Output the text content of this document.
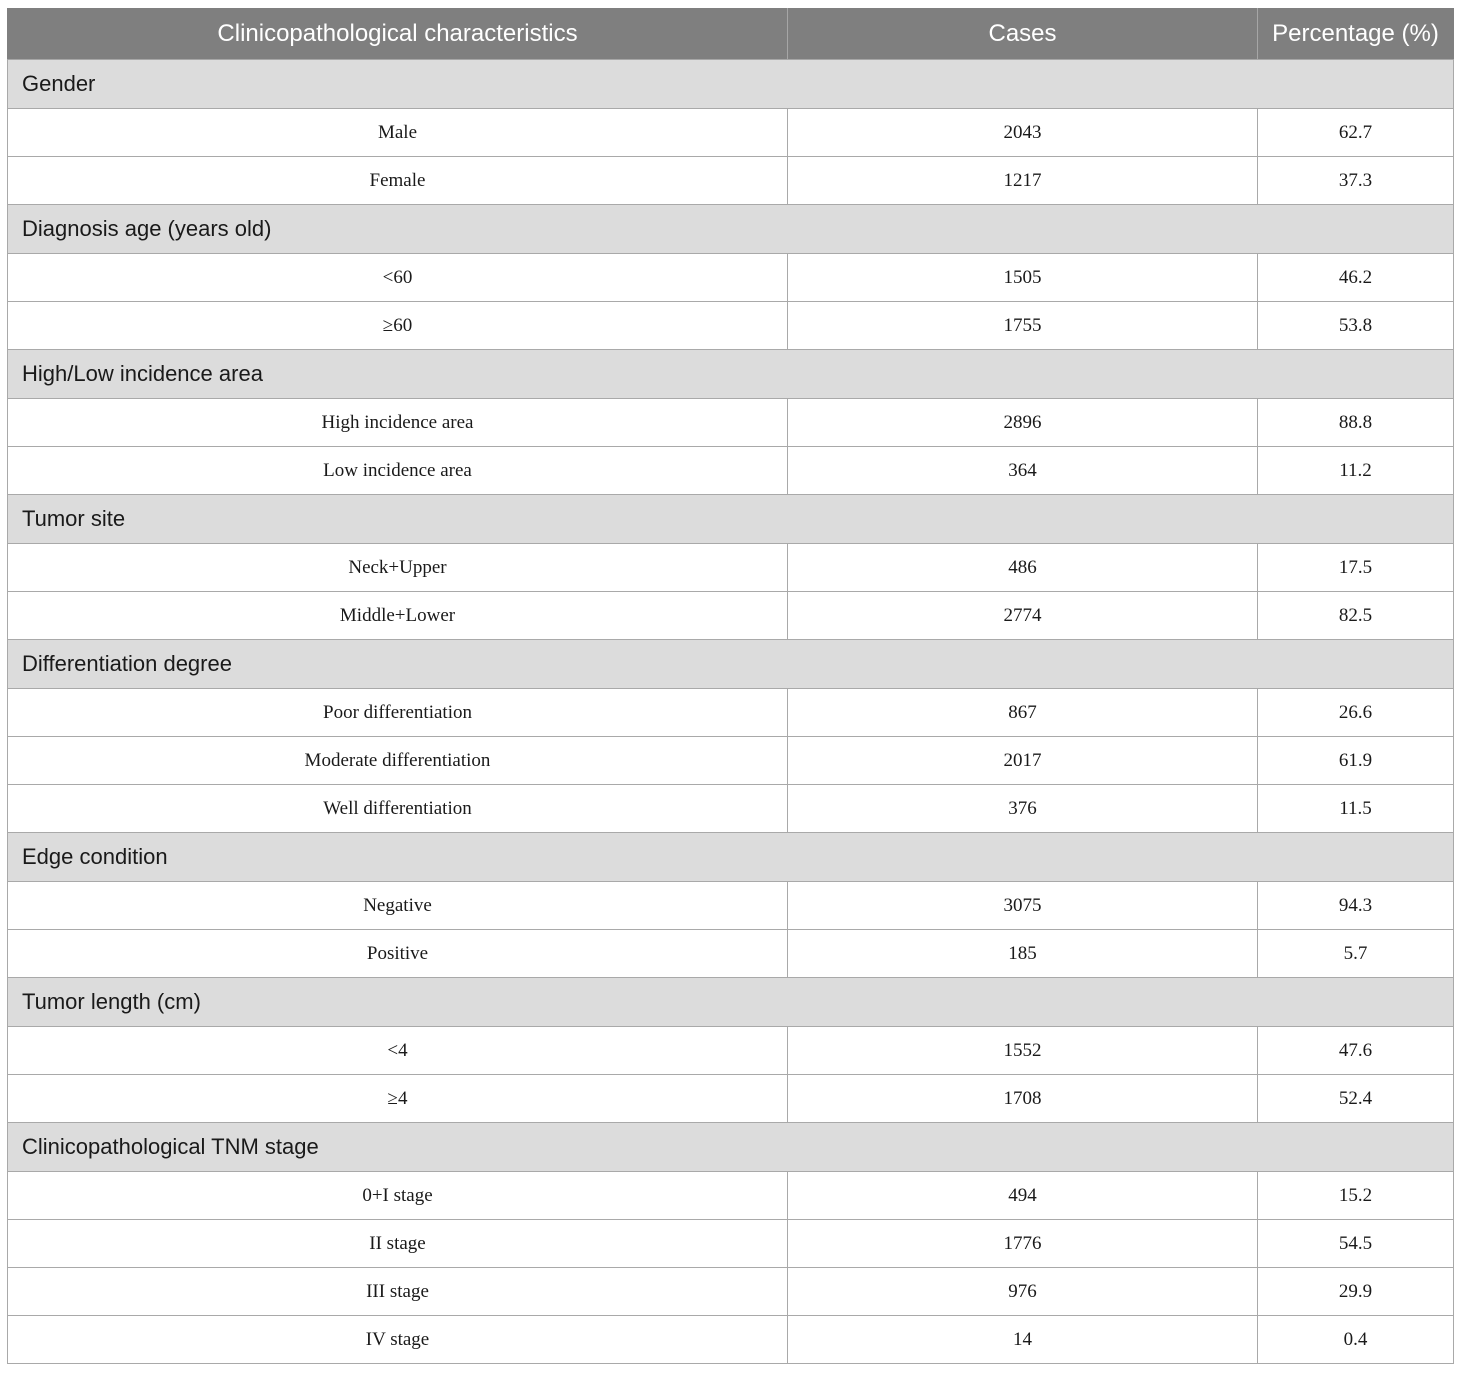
Clinicopathological characteristics	Cases	Percentage (%)
Gender		
Male	2043	62.7
Female	1217	37.3
Diagnosis age (years old)		
<60	1505	46.2
≥60	1755	53.8
High/Low incidence area		
High incidence area	2896	88.8
Low incidence area	364	11.2
Tumor site		
Neck+Upper	486	17.5
Middle+Lower	2774	82.5
Differentiation degree		
Poor differentiation	867	26.6
Moderate differentiation	2017	61.9
Well differentiation	376	11.5
Edge condition		
Negative	3075	94.3
Positive	185	5.7
Tumor length (cm)		
<4	1552	47.6
≥4	1708	52.4
Clinicopathological TNM stage		
0+I stage	494	15.2
II stage	1776	54.5
III stage	976	29.9
IV stage	14	0.4
